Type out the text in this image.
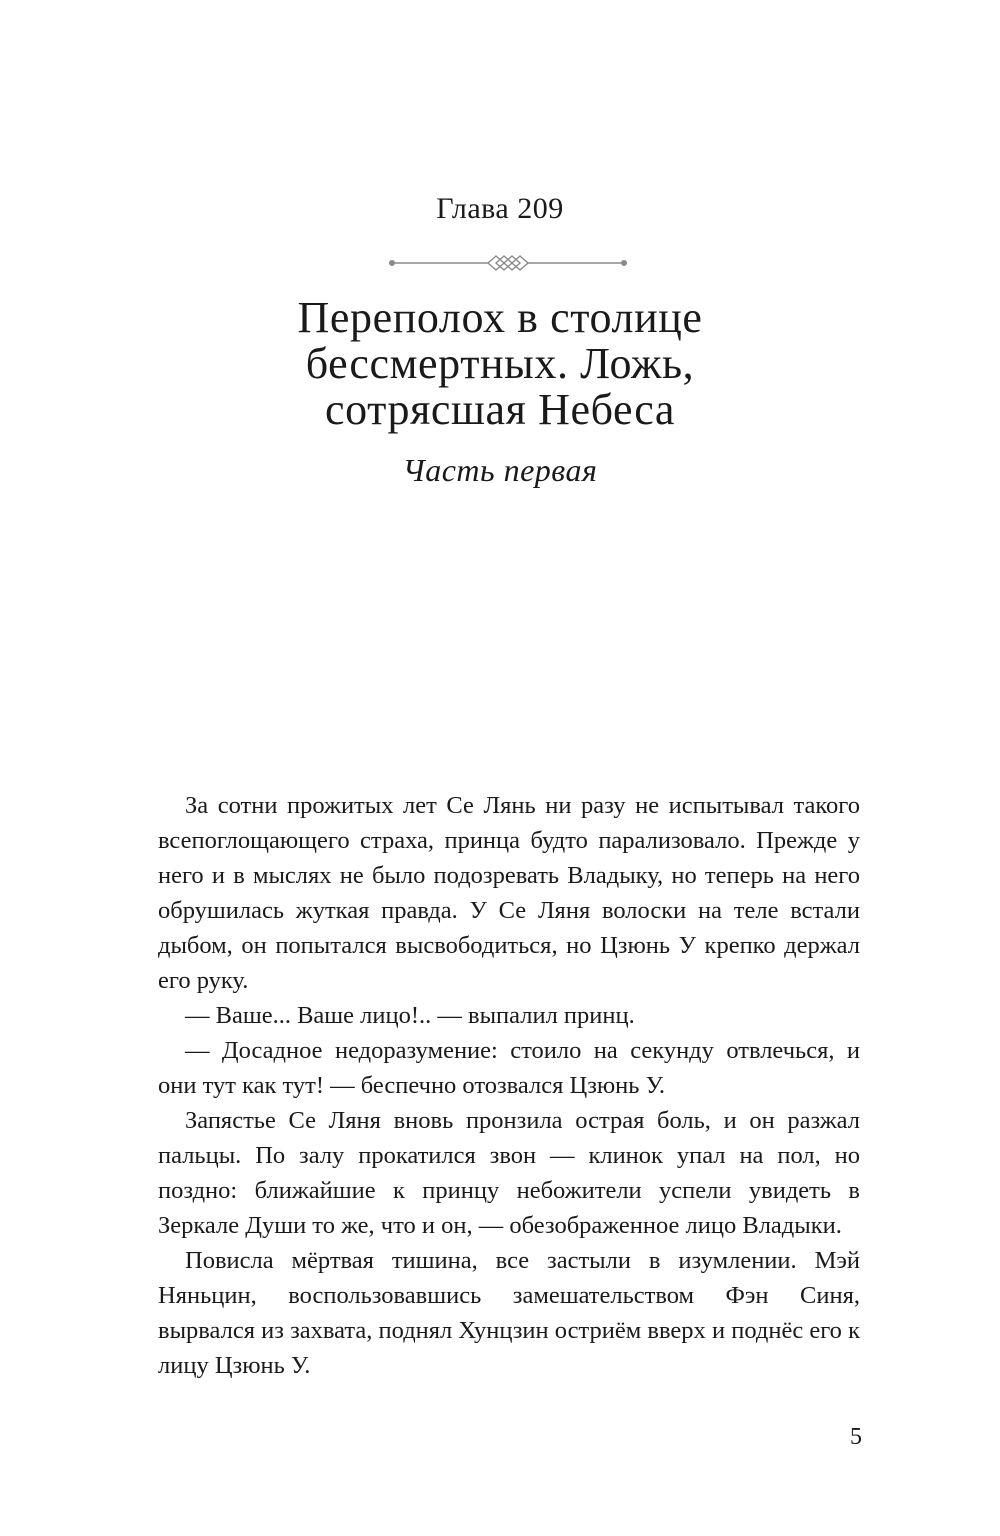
Глава 209
Переполох в столице
бессмертных. Ложь,
сотрясшая Небеса
Часть первая

За сотни прожитых лет Се Лянь ни разу не испытывал такого всепоглощающего страха, принца будто парализовало. Прежде у него и в мыслях не было подозревать Владыку, но теперь на него обрушилась жуткая правда. У Се Ляня волоски на теле встали дыбом, он попытался высвободиться, но Цзюнь У крепко держал его руку.

— Ваше... Ваше лицо!.. — выпалил принц.

— Досадное недоразумение: стоило на секунду отвлечься, и они тут как тут! — беспечно отозвался Цзюнь У.

Запястье Се Ляня вновь пронзила острая боль, и он разжал пальцы. По залу прокатился звон — клинок упал на пол, но поздно: ближайшие к принцу небожители успели увидеть в Зеркале Души то же, что и он, — обезображенное лицо Владыки.

Повисла мёртвая тишина, все застыли в изумлении. Мэй Няньцин, воспользовавшись замешательством Фэн Синя, вырвался из захвата, поднял Хунцзин остриём вверх и поднёс его к лицу Цзюнь У.

5
